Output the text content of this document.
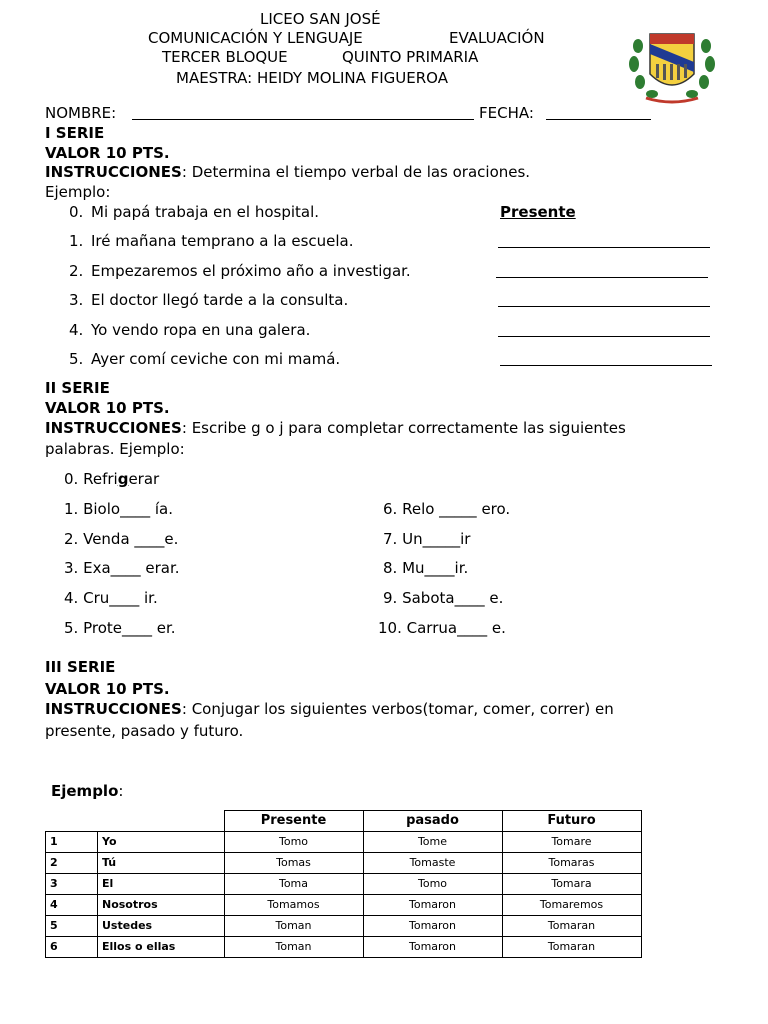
LICEO SAN JOSÉ
COMUNICACIÓN Y LENGUAJE	EVALUACIÓN
TERCER BLOQUE	QUINTO PRIMARIA
MAESTRA: HEIDY MOLINA FIGUEROA
NOMBRE:	FECHA:
I SERIE
VALOR 10 PTS.
INSTRUCCIONES: Determina el tiempo verbal de las oraciones.
Ejemplo:
0. Mi papá trabaja en el hospital.	Presente
1. Iré mañana temprano a la escuela.
2. Empezaremos el próximo año a investigar.
3. El doctor llegó tarde a la consulta.
4. Yo vendo ropa en una galera.
5. Ayer comí ceviche con mi mamá.
II SERIE
VALOR 10 PTS.
INSTRUCCIONES: Escribe g o j para completar correctamente las siguientes
palabras. Ejemplo:
0. Refrigerar
1. Biolo____ ía.
2. Venda ____e.
3. Exa____ erar.
4. Cru____ ir.
5. Prote____ er.
6. Relo _____ ero.
7. Un_____ir
8. Mu____ir.
9. Sabota____ e.
10. Carrua____ e.
III SERIE
VALOR 10 PTS.
INSTRUCCIONES: Conjugar los siguientes verbos(tomar, comer, correr) en
presente, pasado y futuro.
Ejemplo:
		Presente	pasado	Futuro
1	Yo	Tomo	Tome	Tomare
2	Tú	Tomas	Tomaste	Tomaras
3	El	Toma	Tomo	Tomara
4	Nosotros	Tomamos	Tomaron	Tomaremos
5	Ustedes	Toman	Tomaron	Tomaran
6	Ellos o ellas	Toman	Tomaron	Tomaran
